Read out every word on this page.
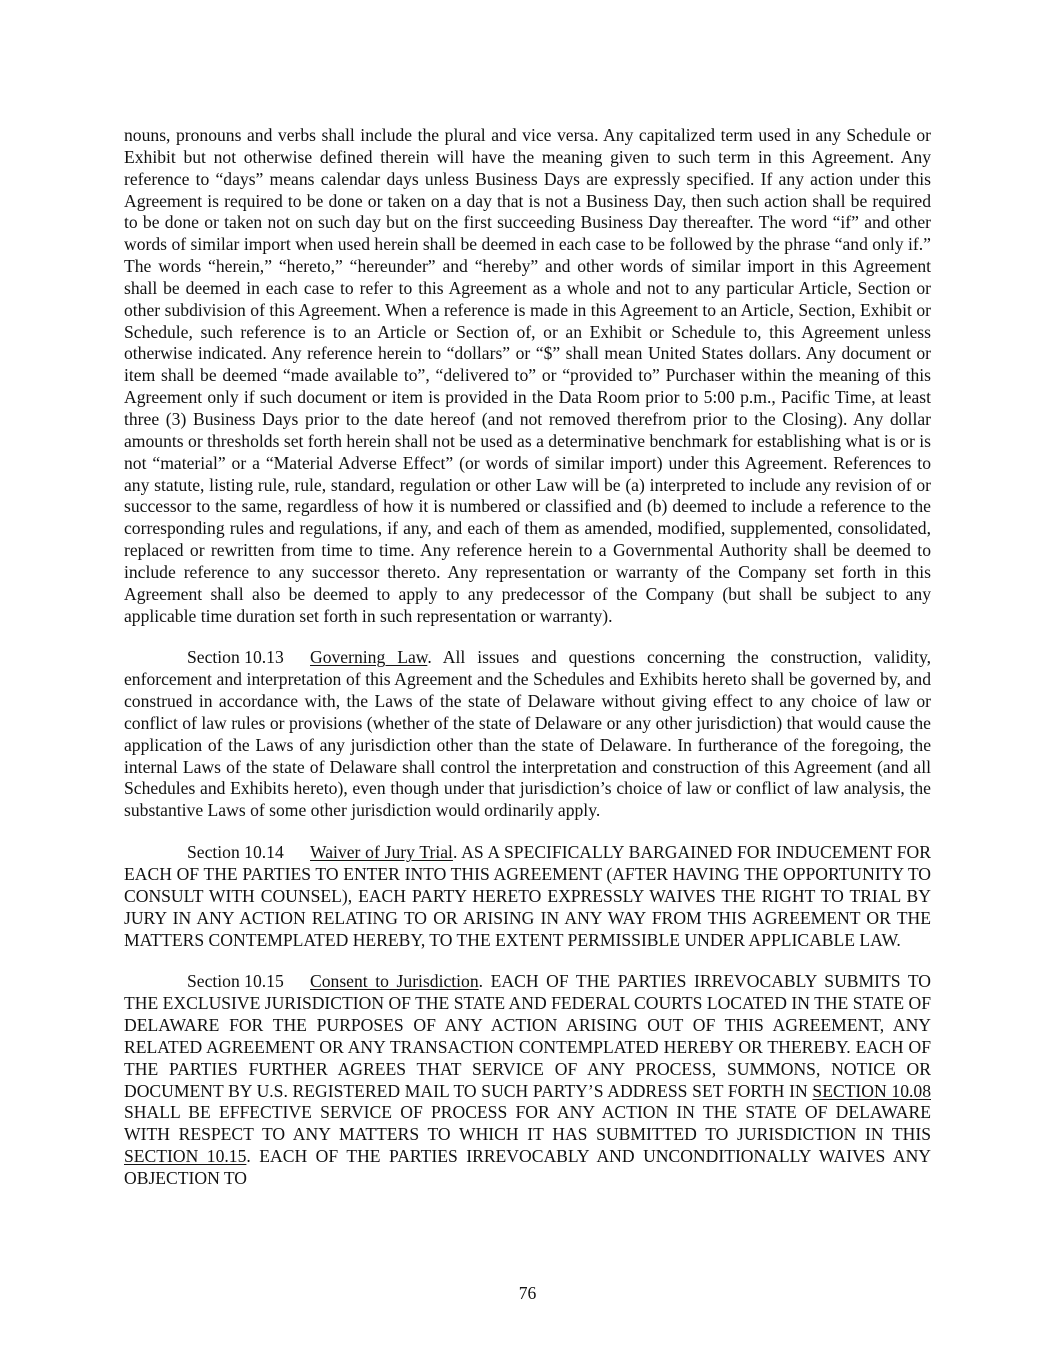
nouns, pronouns and verbs shall include the plural and vice versa. Any capitalized term used in any Schedule or Exhibit but not otherwise defined therein will have the meaning given to such term in this Agreement. Any reference to “days” means calendar days unless Business Days are expressly specified. If any action under this Agreement is required to be done or taken on a day that is not a Business Day, then such action shall be required to be done or taken not on such day but on the first succeeding Business Day thereafter. The word “if” and other words of similar import when used herein shall be deemed in each case to be followed by the phrase “and only if.” The words “herein,” “hereto,” “hereunder” and “hereby” and other words of similar import in this Agreement shall be deemed in each case to refer to this Agreement as a whole and not to any particular Article, Section or other subdivision of this Agreement. When a reference is made in this Agreement to an Article, Section, Exhibit or Schedule, such reference is to an Article or Section of, or an Exhibit or Schedule to, this Agreement unless otherwise indicated. Any reference herein to “dollars” or “$” shall mean United States dollars. Any document or item shall be deemed “made available to”, “delivered to” or “provided to” Purchaser within the meaning of this Agreement only if such document or item is provided in the Data Room prior to 5:00 p.m., Pacific Time, at least three (3) Business Days prior to the date hereof (and not removed therefrom prior to the Closing). Any dollar amounts or thresholds set forth herein shall not be used as a determinative benchmark for establishing what is or is not “material” or a “Material Adverse Effect” (or words of similar import) under this Agreement. References to any statute, listing rule, rule, standard, regulation or other Law will be (a) interpreted to include any revision of or successor to the same, regardless of how it is numbered or classified and (b) deemed to include a reference to the corresponding rules and regulations, if any, and each of them as amended, modified, supplemented, consolidated, replaced or rewritten from time to time. Any reference herein to a Governmental Authority shall be deemed to include reference to any successor thereto. Any representation or warranty of the Company set forth in this Agreement shall also be deemed to apply to any predecessor of the Company (but shall be subject to any applicable time duration set forth in such representation or warranty).

Section 10.13 Governing Law. All issues and questions concerning the construction, validity, enforcement and interpretation of this Agreement and the Schedules and Exhibits hereto shall be governed by, and construed in accordance with, the Laws of the state of Delaware without giving effect to any choice of law or conflict of law rules or provisions (whether of the state of Delaware or any other jurisdiction) that would cause the application of the Laws of any jurisdiction other than the state of Delaware. In furtherance of the foregoing, the internal Laws of the state of Delaware shall control the interpretation and construction of this Agreement (and all Schedules and Exhibits hereto), even though under that jurisdiction’s choice of law or conflict of law analysis, the substantive Laws of some other jurisdiction would ordinarily apply.

Section 10.14 Waiver of Jury Trial. AS A SPECIFICALLY BARGAINED FOR INDUCEMENT FOR EACH OF THE PARTIES TO ENTER INTO THIS AGREEMENT (AFTER HAVING THE OPPORTUNITY TO CONSULT WITH COUNSEL), EACH PARTY HERETO EXPRESSLY WAIVES THE RIGHT TO TRIAL BY JURY IN ANY ACTION RELATING TO OR ARISING IN ANY WAY FROM THIS AGREEMENT OR THE MATTERS CONTEMPLATED HEREBY, TO THE EXTENT PERMISSIBLE UNDER APPLICABLE LAW.

Section 10.15 Consent to Jurisdiction. EACH OF THE PARTIES IRREVOCABLY SUBMITS TO THE EXCLUSIVE JURISDICTION OF THE STATE AND FEDERAL COURTS LOCATED IN THE STATE OF DELAWARE FOR THE PURPOSES OF ANY ACTION ARISING OUT OF THIS AGREEMENT, ANY RELATED AGREEMENT OR ANY TRANSACTION CONTEMPLATED HEREBY OR THEREBY. EACH OF THE PARTIES FURTHER AGREES THAT SERVICE OF ANY PROCESS, SUMMONS, NOTICE OR DOCUMENT BY U.S. REGISTERED MAIL TO SUCH PARTY’S ADDRESS SET FORTH IN SECTION 10.08 SHALL BE EFFECTIVE SERVICE OF PROCESS FOR ANY ACTION IN THE STATE OF DELAWARE WITH RESPECT TO ANY MATTERS TO WHICH IT HAS SUBMITTED TO JURISDICTION IN THIS SECTION 10.15. EACH OF THE PARTIES IRREVOCABLY AND UNCONDITIONALLY WAIVES ANY OBJECTION TO

76
